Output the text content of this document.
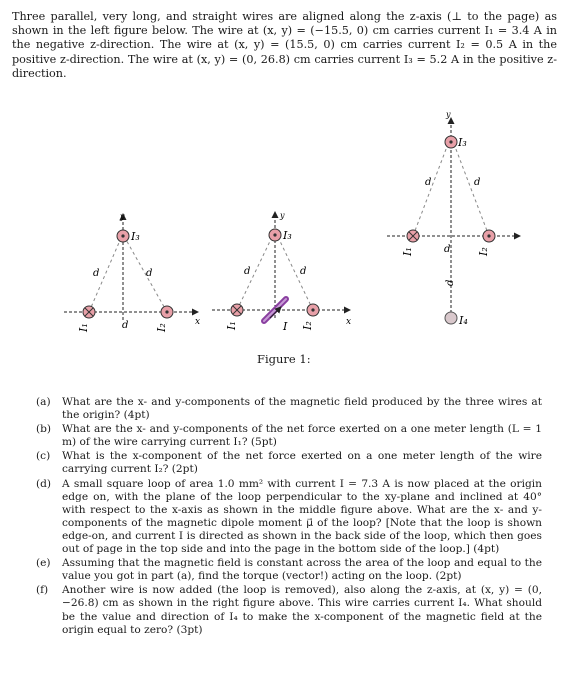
Three parallel, very long, and straight wires are aligned along the z-axis (⊥ to the page) as shown in the left figure below. The wire at (x, y) = (−15.5, 0) cm carries current I₁ = 3.4 A in the negative z-direction. The wire at (x, y) = (15.5, 0) cm carries current I₂ = 0.5 A in the positive z-direction. The wire at (x, y) = (0, 26.8) cm carries current I₃ = 5.2 A in the positive z-direction.
x
y
I₃
I₁	I₂
d	d
d	x
y
I
I₃
I₁	I₂
d	d
y
I₃
I₄
I₁	I₂
d	d
d
d
Figure 1:
(a) What are the x- and y-components of the magnetic field produced by the three wires at the origin? (4pt)
(b) What are the x- and y-components of the net force exerted on a one meter length (L = 1 m) of the wire carrying current I₁? (5pt)
(c) What is the x-component of the net force exerted on a one meter length of the wire carrying current I₂? (2pt)
(d) A small square loop of area 1.0 mm² with current I = 7.3 A is now placed at the origin edge on, with the plane of the loop perpendicular to the xy-plane and inclined at 40° with respect to the x-axis as shown in the middle figure above. What are the x- and y-components of the magnetic dipole moment μ⃗ of the loop? [Note that the loop is shown edge-on, and current I is directed as shown in the back side of the loop, which then goes out of page in the top side and into the page in the bottom side of the loop.] (4pt)
(e) Assuming that the magnetic field is constant across the area of the loop and equal to the value you got in part (a), find the torque (vector!) acting on the loop. (2pt)
(f) Another wire is now added (the loop is removed), also along the z-axis, at (x, y) = (0, −26.8) cm as shown in the right figure above. This wire carries current I₄. What should be the value and direction of I₄ to make the x-component of the magnetic field at the origin equal to zero? (3pt)
